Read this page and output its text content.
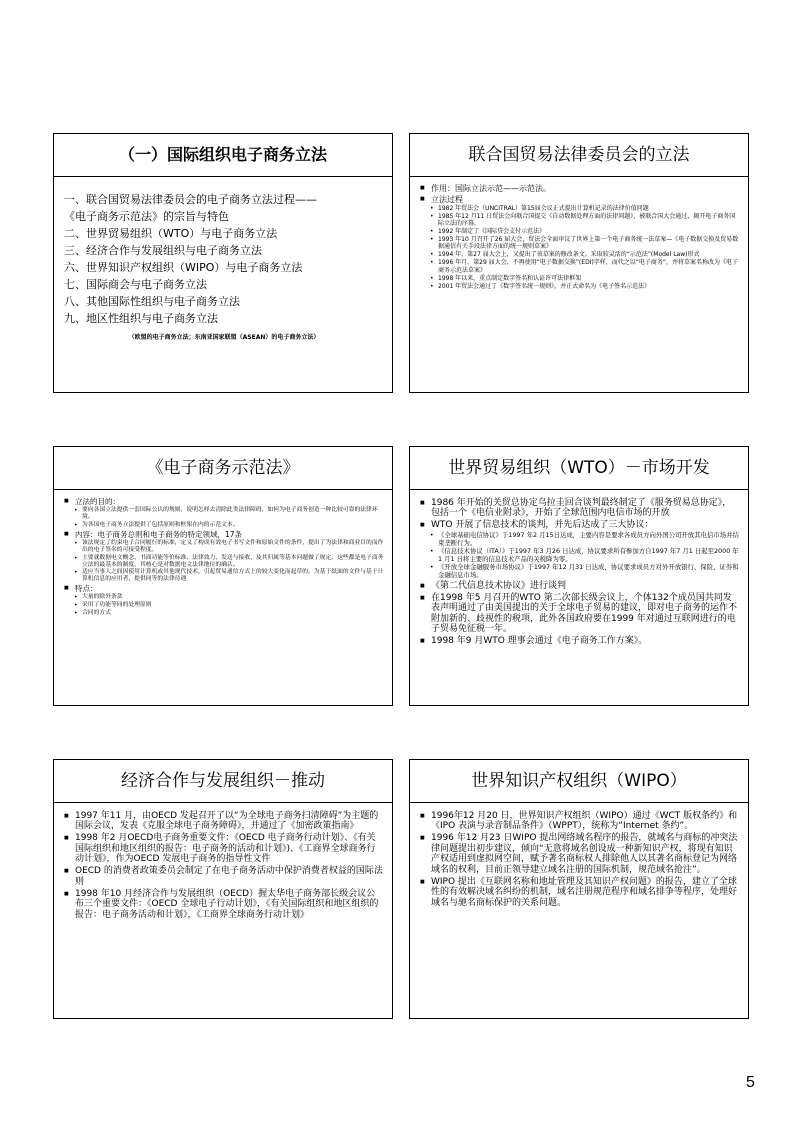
（一）国际组织电子商务立法

一、联合国贸易法律委员会的电子商务立法过程——

《电子商务示范法》的宗旨与特色

二、世界贸易组织（WTO）与电子商务立法

三、经济合作与发展组织与电子商务立法

六、世界知识产权组织（WIPO）与电子商务立法

七、国际商会与电子商务立法

八、其他国际性组织与电子商务立法

九、地区性组织与电子商务立法

（欧盟的电子商务立法；东南亚国家联盟（ASEAN）的电子商务立法）

联合国贸易法律委员会的立法
■ 作用：国际立法示范——示范法。
■ 立法过程
• 1982 年贸法会（UNCITRAL）第15届会议正式提出计算机记录的法律价值问题
• 1985 年12 月11 日贸法会向联合国提交《自动数据处理方面的法律问题》，被联合国大会通过，揭开电子商务国际立法的序幕。
• 1992 年制定了《国际贷会支付示范法》
• 1993 年10 月召开了26 届大会，贸法会全面审议了世界上第一个电子商务统一法草案—《电子数据交换及贸易数据通信有关手段法律方面的统一规则草案》
• 1994 年，第27 届大会上，又提出了该草案的修改条文。采取较灵活的“示范法”(Model Law)形式
• 1996 年月，第29 届大会，不再使用“电子数据交换”(EDI)字样，而代之以“电子商务”，并将草案名称改为《电子商务示范法草案》
• 1998 年以来，重点制定数字签名和认证许可法律框架
• 2001 年贸法会通过了《数字签名统一规则》，并正式命名为《电子签名示范法》
《电子商务示范法》
■ 立法的目的：
• 要向各国立法提供一套国际公认的规则，说明怎样去清除此类法律障碍，如何为电子商务创造一种比较可靠的法律环境。
• 为各国电子商务立法提供了包括原则和框架在内的示范文本。
■ 内容：电子商务总则和电子商务的特定领域，17条
• 该法规定了约束电子合同履行的标准，定义了构成有效电子书写文件和原始文件的条件，提出了为法律和商业目的而作出的电子签名的可接受程度。
• 主要就数据电文概念、书面功能等价标准、法律效力、发送与接收、及其归属等基本问题做了规定。这些都是电子商务立法的最基本的制度，其核心是对数据电文法律地位的确认。
• 适应当事人之间因使用计算机或其他现代技术，引起贸易通信方式上的较大变化而起草的。为基于纸面的文件与基于计算机信息的应用者，提供同等的法律待遇
■ 特点：
• 大量的除外条款
• 采用了功能等同的处理原则
• 合同的方式
世界贸易组织（WTO）－市场开发
■ 1986 年开始的关贸总协定乌拉圭回合谈判最终制定了《服务贸易总协定》，包括一个《电信业附录》，开始了全球范围内电信市场的开放
■ WTO 开展了信息技术的谈判，并先后达成了三大协议：
• 《全球基础电信协议》于1997 年2 月15日达成，主要内容是要求各成员方向外国公司开放其电信市场并结束垄断行为。
• 《信息技术协议（ITA）》于1997 年3 月26 日达成，协议要求所有参加方自1997 年7 月1 日起至2000 年1 月1 日将主要的信息技术产品的关税降为零。
• 《开放全球金融服务市场协议》于1997 年12 月31 日达成，协议要求成员方对外开放银行、保险、证券和金融信息市场。
■ 《第二代信息技术协议》进行谈判
■ 在1998 年5 月召开的WTO 第二次部长级会议上，个体132个成员国共同发表声明通过了由美国提出的关于全球电子贸易的建议，即对电子商务的运作不附加新的、歧视性的税项，此外各国政府要在1999 年对通过互联网进行的电子贸易免征税一年。
■ 1998 年9 月WTO 理事会通过《电子商务工作方案》。
经济合作与发展组织－推动
■ 1997 年11 月，由OECD 发起召开了以“为全球电子商务扫清障碍”为主题的国际会议，发表《克服全球电子商务障碍》，并通过了《加密政策指南》
■ 1998 年2 月OECD电子商务重要文件：《OECD 电子商务行动计划》、《有关国际组织和地区组织的报告：电子商务的活动和计划》)、《工商界全球商务行动计划》，作为OECD 发展电子商务的指导性文件
■ OECD 的消费者政策委员会制定了在电子商务活动中保护消费者权益的国际法则
■ 1998 年10 月经济合作与发展组织（OECD）握太华电子商务部长级会议公布三个重要文件：《OECD 全球电子行动计划》，《有关国际组织和地区组织的报告：电子商务活动和计划》，《工商界全球商务行动计划》
世界知识产权组织（WIPO）
■ 1996年12 月20 日，世界知识产权组织（WIPO）通过《WCT 版权条约》和《IPO 表演与录音制品条件》（WPPT），统称为“Internet 条约”。
■ 1996 年12 月23 日WIPO 提出网络域名程序的报告，就域名与商标的冲突法律问题提出初步建议，倾向“无意将域名创设成一种新知识产权，将现有知识产权适用到虚拟网空间，赋予著名商标权人排除他人以其著名商标登记为网络域名的权利，目前正领导建立域名注册的国际机制，规范域名抢注”。
■ WIPO 提出《互联网名称和地址管理及其知识产权问题》的报告，建立了全球性的有效解决域名纠纷的机制，域名注册规范程序和域名排争等程序，处理好域名与驰名商标保护的关系问题。
5
